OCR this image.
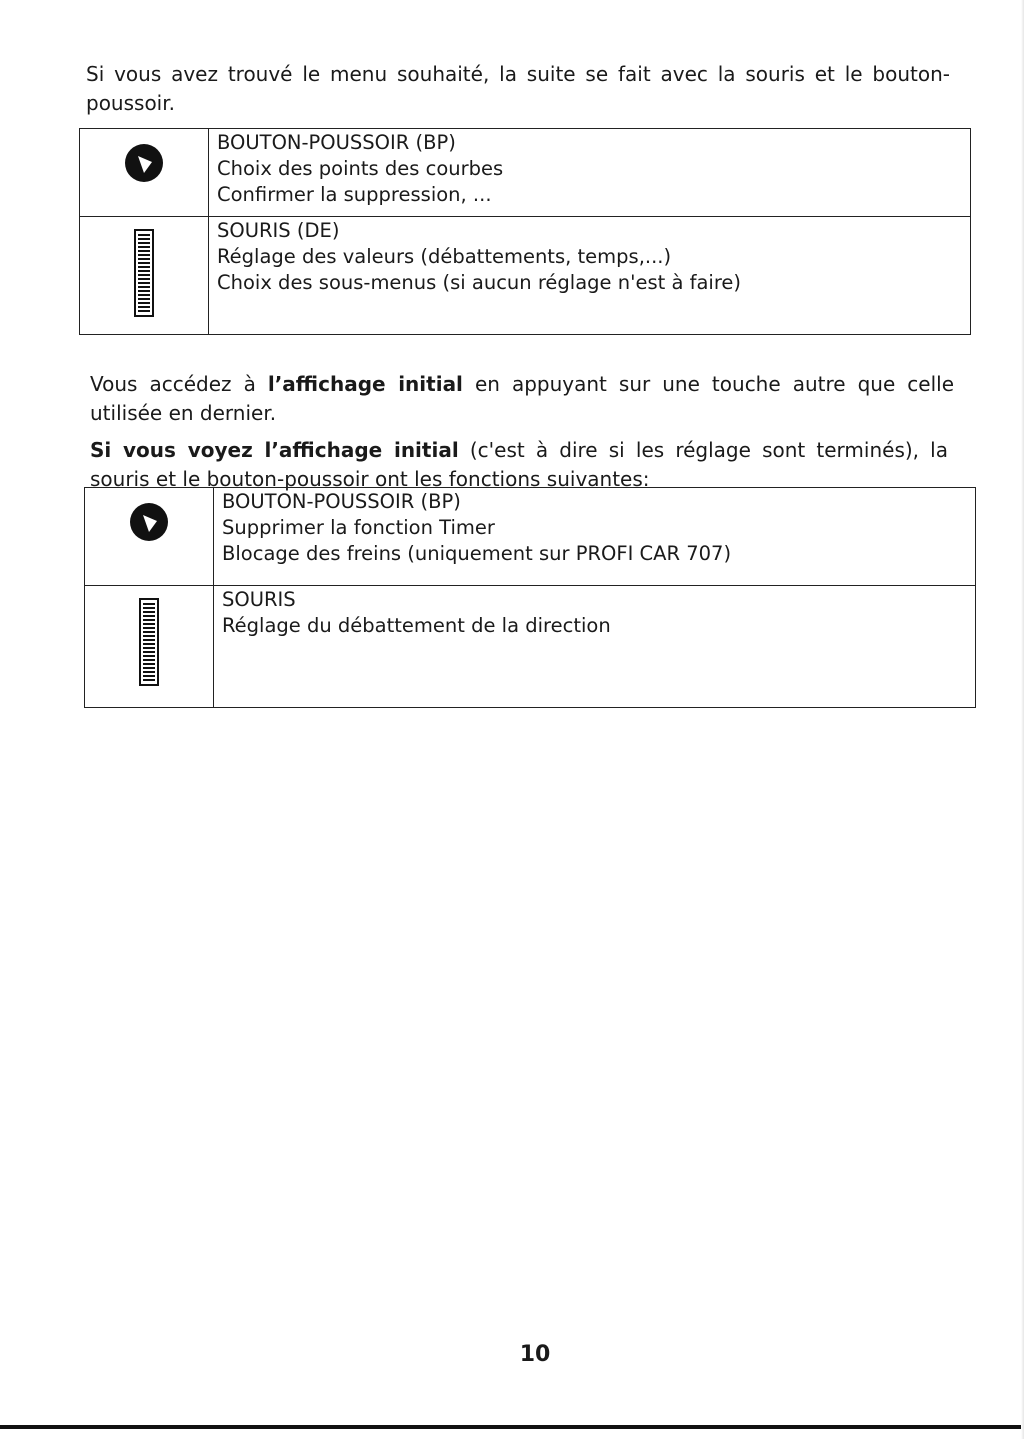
Si vous avez trouvé le menu souhaité, la suite se fait avec la souris et le bouton-poussoir.

BOUTON-POUSSOIR (BP)
Choix des points des courbes
Confirmer la suppression, ...

SOURIS (DE)
Réglage des valeurs (débattements, temps,...)
Choix des sous-menus (si aucun réglage n'est à faire)

Vous accédez à l’affichage initial en appuyant sur une touche autre que celle utilisée en dernier.

Si vous voyez l’affichage initial (c'est à dire si les réglage sont terminés), la souris et le bouton-poussoir ont les fonctions suivantes:

BOUTON-POUSSOIR (BP)
Supprimer la fonction Timer
Blocage des freins (uniquement sur PROFI CAR 707)

SOURIS
Réglage du débattement de la direction
10
